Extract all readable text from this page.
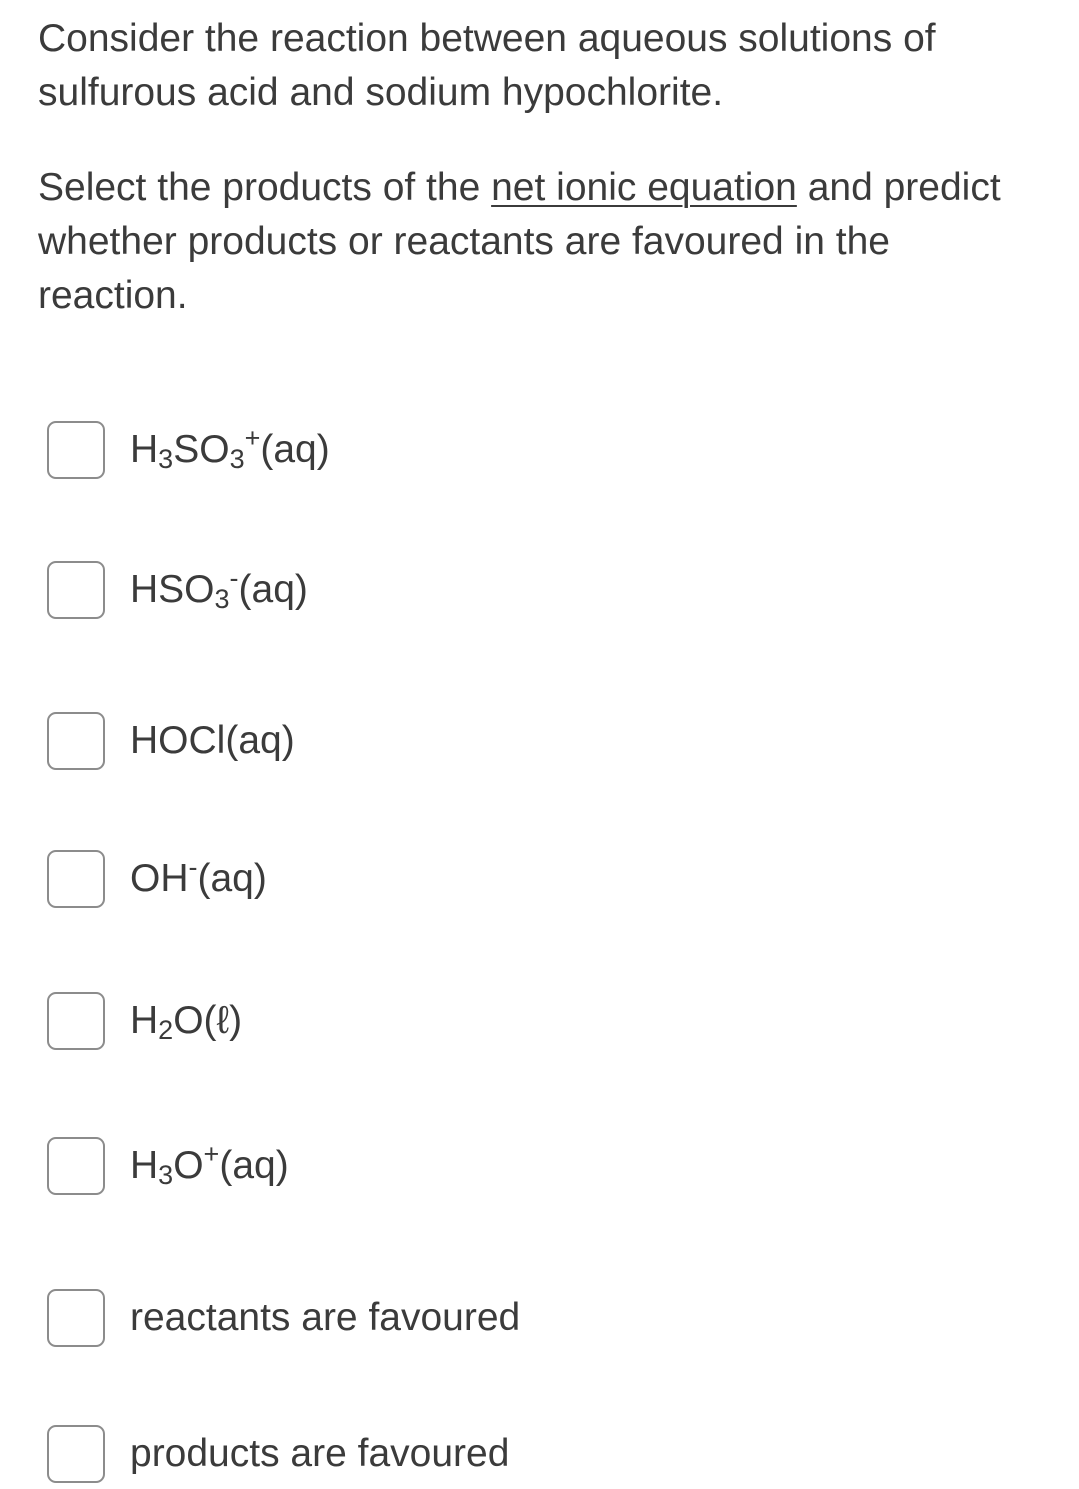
Consider the reaction between aqueous solutions of sulfurous acid and sodium hypochlorite.

Select the products of the net ionic equation and predict whether products or reactants are favoured in the reaction.

$H_3SO_3^+(aq)$
$HSO_3^-(aq)$
HOCl(aq)
OH-(aq)
$H_2O(\ell)$
$H_3O^+(aq)$
reactants are favoured
products are favoured
